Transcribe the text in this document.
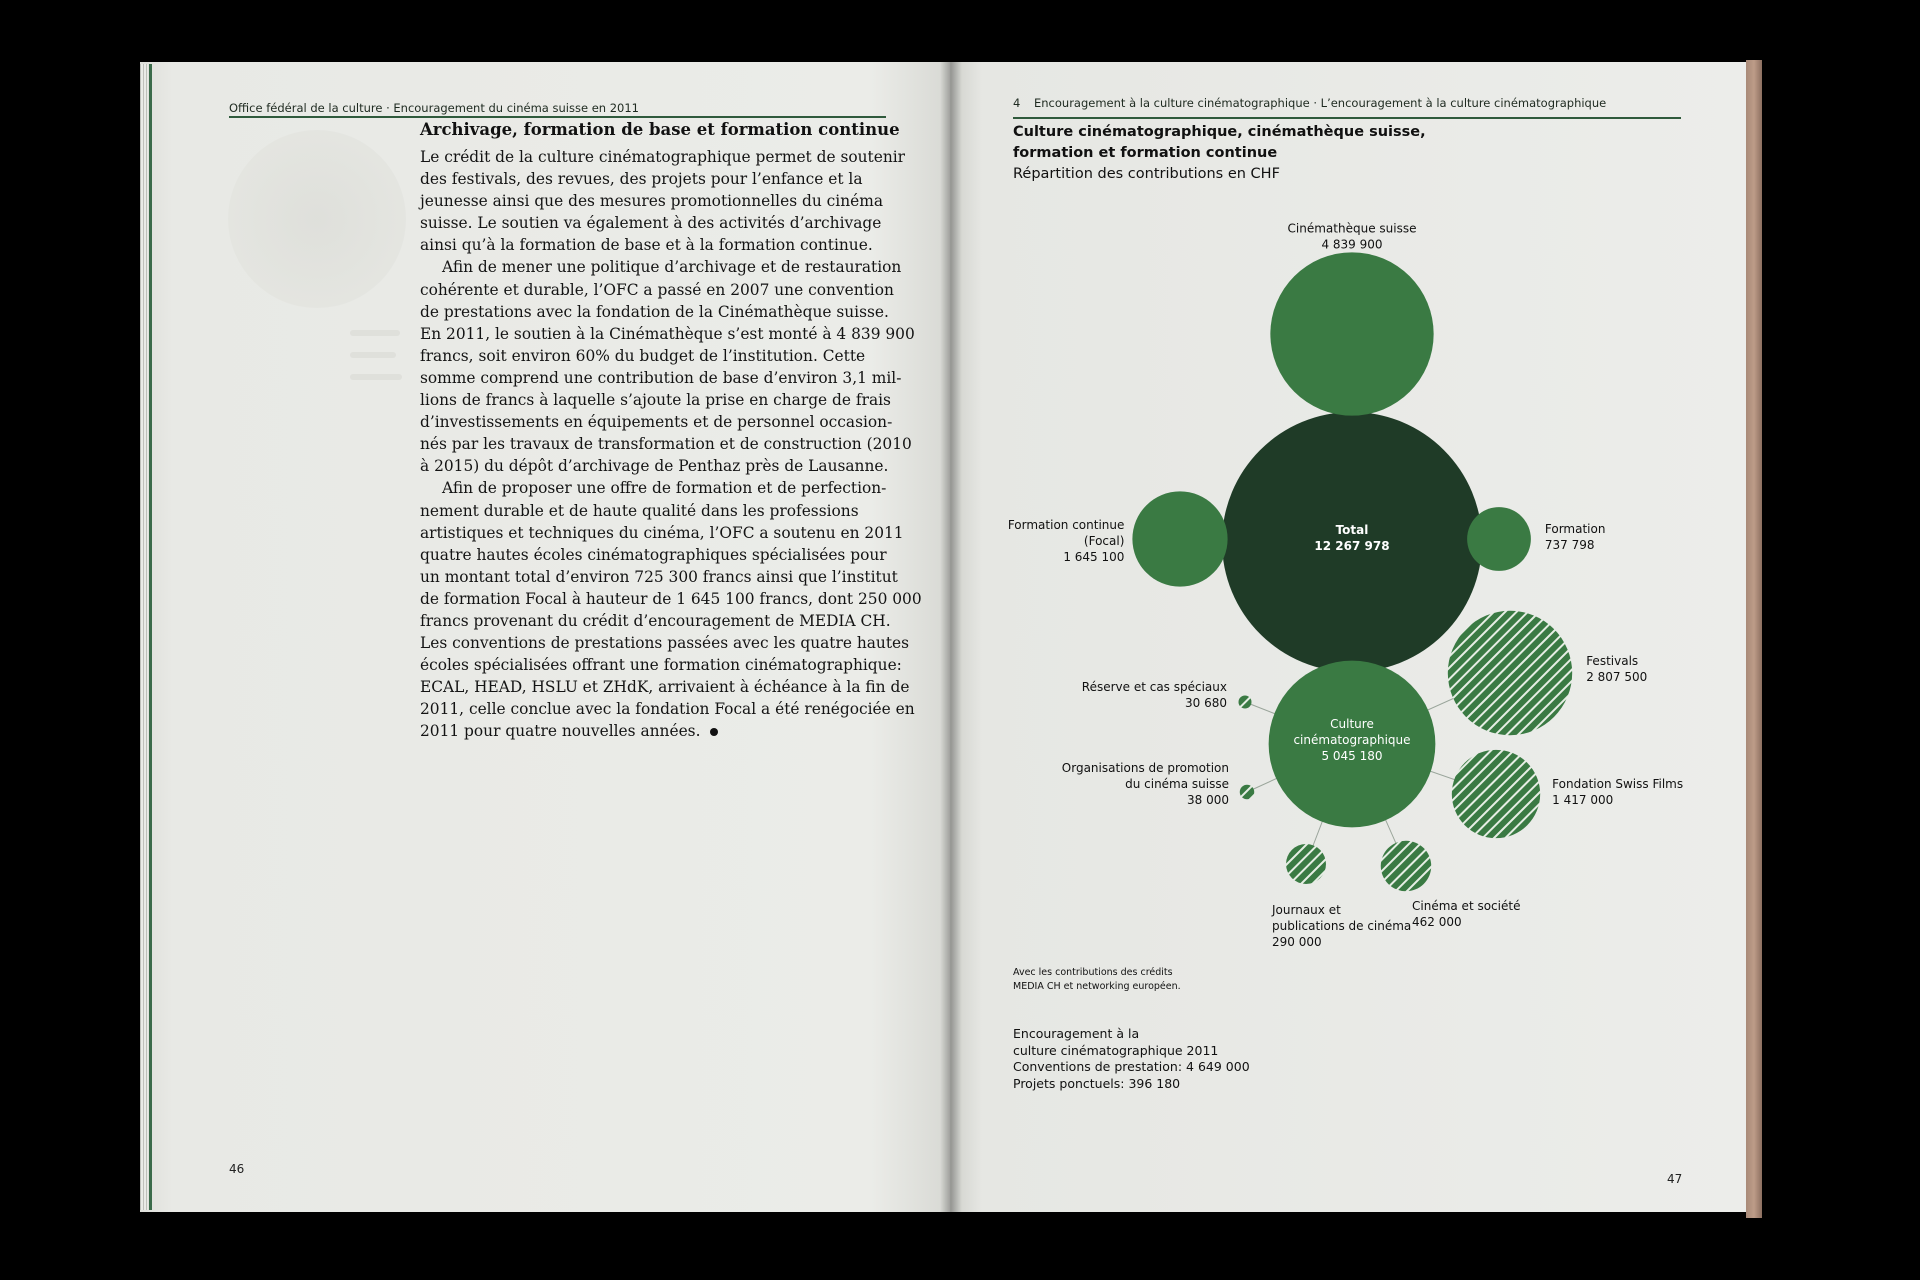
Office fédéral de la culture · Encouragement du cinéma suisse en 2011
Archivage, formation de base et formation continue
Le crédit de la culture cinématographique permet de soutenir
des festivals, des revues, des projets pour l’enfance et la
jeunesse ainsi que des mesures promotionnelles du cinéma
suisse. Le soutien va également à des activités d’archivage
ainsi qu’à la formation de base et à la formation continue.
Afin de mener une politique d’archivage et de restauration
cohérente et durable, l’OFC a passé en 2007 une convention
de prestations avec la fondation de la Cinémathèque suisse.
En 2011, le soutien à la Cinémathèque s’est monté à 4 839 900
francs, soit environ 60% du budget de l’institution. Cette
somme comprend une contribution de base d’environ 3,1 mil-
lions de francs à laquelle s’ajoute la prise en charge de frais
d’investissements en équipements et de personnel occasion-
nés par les travaux de transformation et de construction (2010
à 2015) du dépôt d’archivage de Penthaz près de Lausanne.
Afin de proposer une offre de formation et de perfection-
nement durable et de haute qualité dans les professions
artistiques et techniques du cinéma, l’OFC a soutenu en 2011
quatre hautes écoles cinématographiques spécialisées pour
un montant total d’environ 725 300 francs ainsi que l’institut
de formation Focal à hauteur de 1 645 100 francs, dont 250 000
francs provenant du crédit d’encouragement de MEDIA CH.
Les conventions de prestations passées avec les quatre hautes
écoles spécialisées offrant une formation cinématographique:
ECAL, HEAD, HSLU et ZHdK, arrivaient à échéance à la fin de
2011, celle conclue avec la fondation Focal a été renégociée en
2011 pour quatre nouvelles années.
46
4 Encouragement à la culture cinématographique · L’encouragement à la culture cinématographique
Culture cinématographique, cinémathèque suisse,
formation et formation continue
Répartition des contributions en CHF
Total 12 267 978
Cinémathèque suisse 4 839 900
Formation continue (Focal) 1 645 100
Formation 737 798
Culture cinématographique 5 045 180
Festivals 2 807 500
Fondation Swiss Films 1 417 000
Cinéma et société 462 000
Journaux et publications de cinéma 290 000
Organisations de promotion du cinéma suisse 38 000
Réserve et cas spéciaux 30 680
Avec les contributions des crédits
MEDIA CH et networking européen.
Encouragement à la
culture cinématographique 2011
Conventions de prestation: 4 649 000
Projets ponctuels: 396 180
47
